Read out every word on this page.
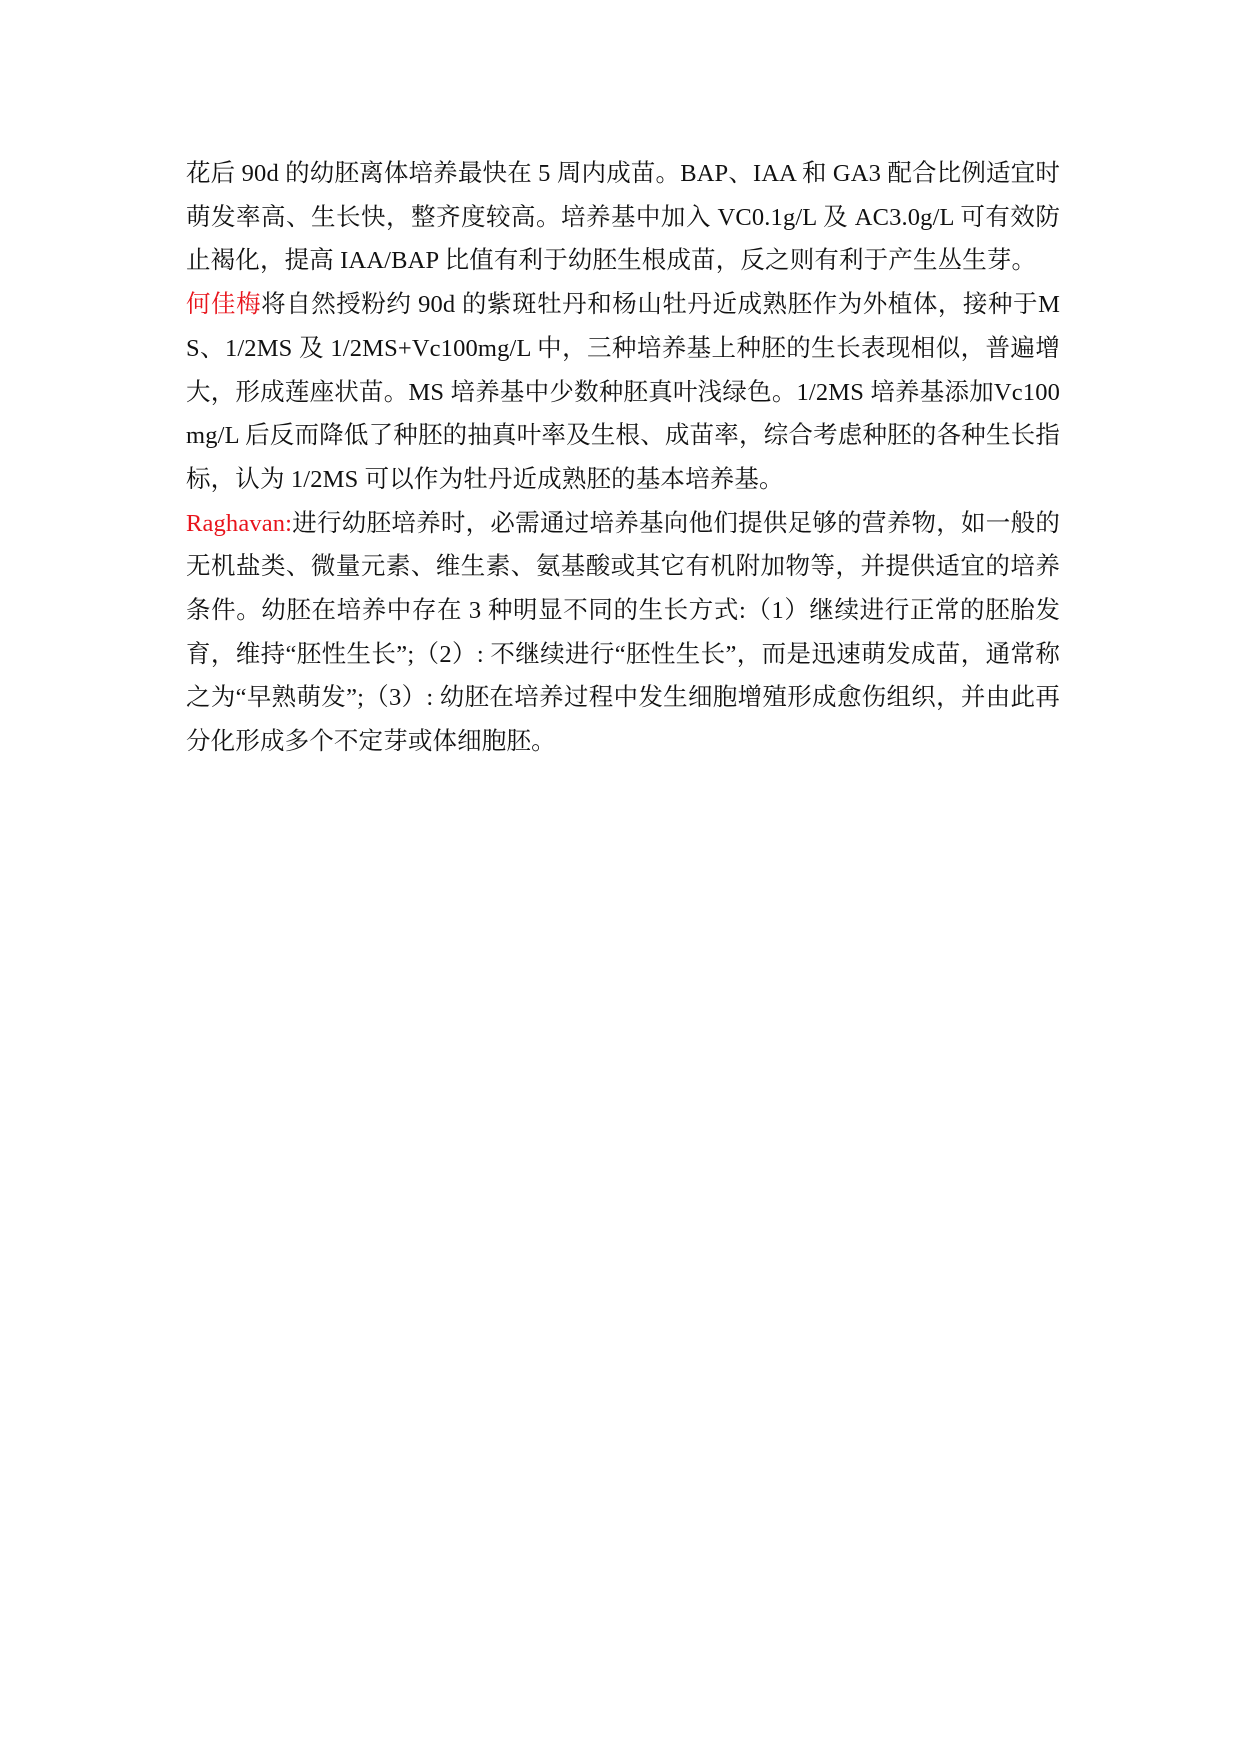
花后 90d 的幼胚离体培养最快在 5 周内成苗。BAP、IAA 和 GA3 配合比例适宜时萌发率高、生长快，整齐度较高。培养基中加入 VC0.1g/L 及 AC3.0g/L 可有效防止褐化，提高 IAA/BAP 比值有利于幼胚生根成苗，反之则有利于产生丛生芽。

何佳梅将自然授粉约 90d 的紫斑牡丹和杨山牡丹近成熟胚作为外植体，接种于MS、1/2MS 及 1/2MS+Vc100mg/L 中，三种培养基上种胚的生长表现相似，普遍增大，形成莲座状苗。MS 培养基中少数种胚真叶浅绿色。1/2MS 培养基添加Vc100mg/L 后反而降低了种胚的抽真叶率及生根、成苗率，综合考虑种胚的各种生长指标，认为 1/2MS 可以作为牡丹近成熟胚的基本培养基。

Raghavan:进行幼胚培养时，必需通过培养基向他们提供足够的营养物，如一般的无机盐类、微量元素、维生素、氨基酸或其它有机附加物等，并提供适宜的培养条件。幼胚在培养中存在 3 种明显不同的生长方式:（1）继续进行正常的胚胎发育，维持“胚性生长”;（2）: 不继续进行“胚性生长”，而是迅速萌发成苗，通常称之为“早熟萌发”;（3）: 幼胚在培养过程中发生细胞增殖形成愈伤组织，并由此再分化形成多个不定芽或体细胞胚。
